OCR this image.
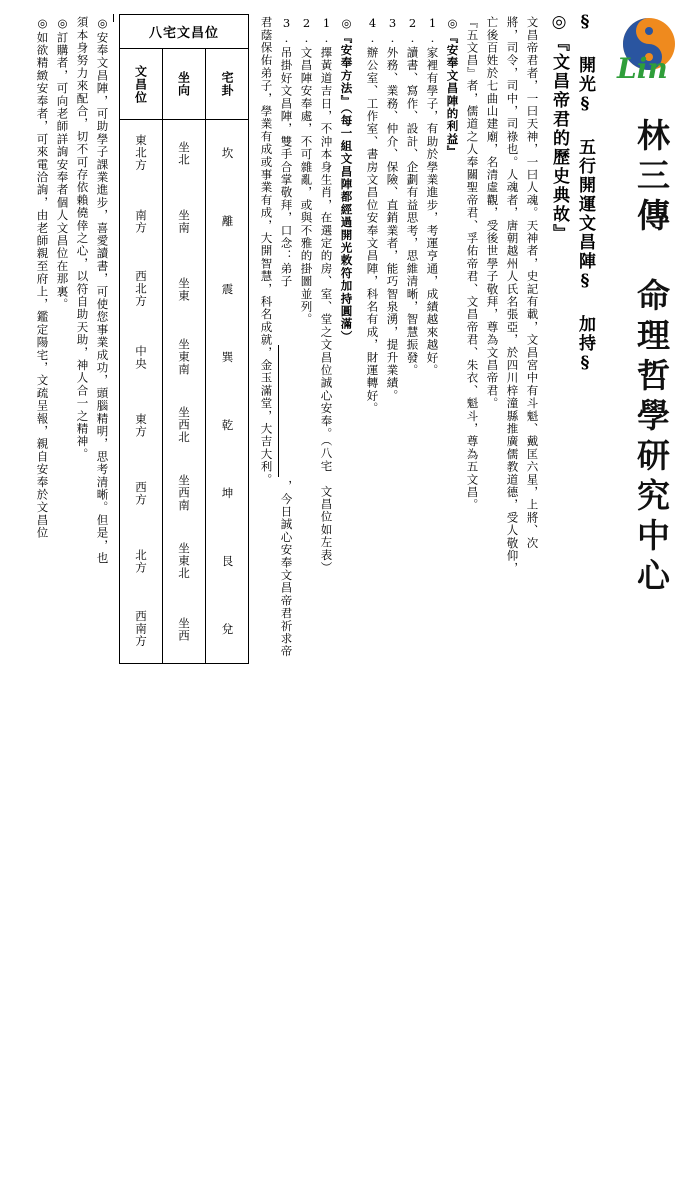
Lin
林三傳　命理哲學研究中心
§ 開光§ 五行開運文昌陣§ 加持§
◎『文昌帝君的歷史典故』
文昌帝君者，一曰天神，一曰人魂。天神者，史記有載，文昌宮中有斗魁、戴匡六星，上將、次
將，司令，司中，司祿也。人魂者，唐朝越州人氏名張亞，於四川梓潼縣推廣儒教道德，受人敬仰，
亡後百姓於七曲山建廟，名清虛觀，受後世學子敬拜，尊為文昌帝君。
『五文昌』者，儒道之人奉關聖帝君、孚佑帝君、文昌帝君、朱衣、魁斗，尊為五文昌。
◎『安奉文昌陣的利益』
1.家裡有學子，有助於學業進步，考運亨通，成績越來越好。
2.讀書、寫作、設計、企劃有益思考，思維清晰，智慧振發。
3.外務、業務、仲介、保險、直銷業者，能巧智泉湧，提升業績。
4.辦公室、工作室、書房文昌位安奉文昌陣，科名有成，財運轉好。
◎『安奉方法』（每一組文昌陣都經過開光敕符加持圓滿）
1.擇黃道吉日，不沖本身生肖，在選定的房、室、堂之文昌位誠心安奉。（八宅　文昌位如左表）
2.文昌陣安奉處，不可雜亂，或與不雅的掛圖並列。
3.吊掛好文昌陣，雙手合掌敬拜，口念：弟子
，今日誠心安奉文昌帝君祈求帝
君蔭保佑弟子，學業有成或事業有成，大開智慧，科名成就，金玉滿堂，大吉大利。
◎安奉文昌陣，可助學子課業進步，喜愛讀書，可使您事業成功，頭腦精明，思考清晰。但是，也
須本身努力來配合，切不可存依賴僥倖之心，以符自助天助，神人合一之精神。
◎訂購者，可向老師詳詢安奉者個人文昌位在那裏。
◎如欲精緻安奉者，可來電洽詢，由老師親至府上，鑑定陽宅，文疏呈報，親自安奉於文昌位	八宅文昌位
宅卦
坎
離
震
巽
乾
坤
艮
兌
坐向
坐北
坐南
坐東
坐東南
坐西北
坐西南
坐東北
坐西
文昌位
東北方
南方
西北方
中央
東方
西方
北方
西南方
